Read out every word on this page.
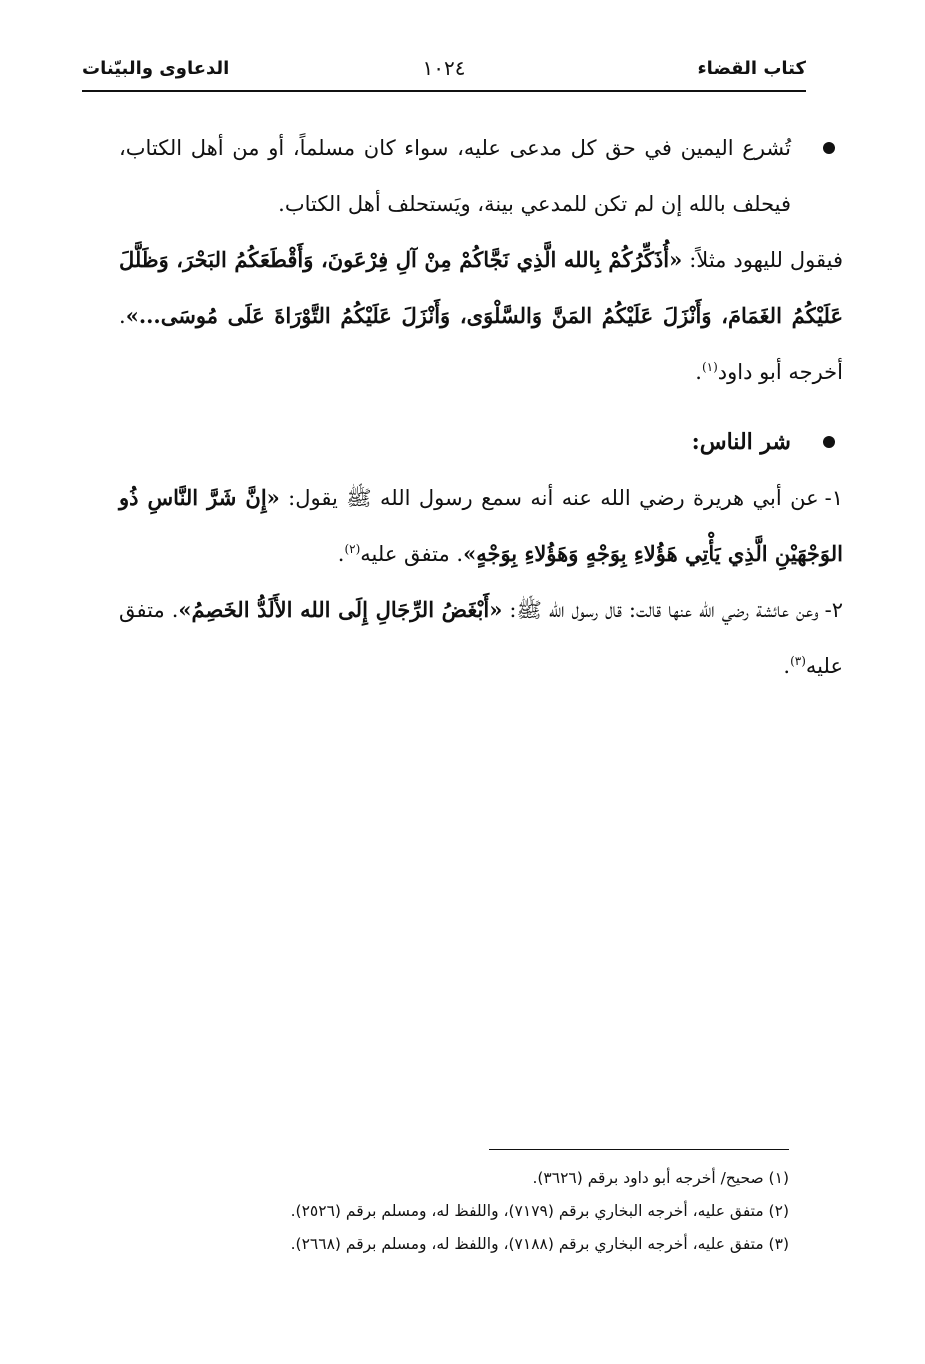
كتاب القضاء
١٠٢٤
الدعاوى والبيّنات

تُشرع اليمين في حق كل مدعى عليه، سواء كان مسلماً، أو من أهل الكتاب، فيحلف بالله إن لم تكن للمدعي بينة، ويَستحلف أهل الكتاب.

فيقول لليهود مثلاً: «أُذَكِّرُكُمْ بِالله الَّذِي نَجَّاكُمْ مِنْ آلِ فِرْعَونَ، وَأَقْطَعَكُمُ البَحْرَ، وَظَلَّلَ عَلَيْكُمُ الغَمَامَ، وَأَنْزَلَ عَلَيْكُمُ المَنَّ وَالسَّلْوَى، وَأَنْزَلَ عَلَيْكُمُ التَّوْرَاةَ عَلَى مُوسَى...». أخرجه أبو داود$^{(١)}$.

شر الناس:

١-عن أبي هريرة رضي الله عنه أنه سمع رسول الله ﷺ يقول: «إِنَّ شَرَّ النَّاسِ ذُو الوَجْهَيْنِ الَّذِي يَأْتِي هَؤُلاءِ بِوَجْهٍ وَهَؤُلاءِ بِوَجْهٍ». متفق عليه$^{(٢)}$.

٢-وعن عائشة رضي الله عنها قالت: قال رسول الله ﷺ: «أَبْغَضُ الرِّجَالِ إِلَى الله الأَلَدُّ الخَصِمُ». متفق عليه$^{(٣)}$.

(١) صحيح/ أخرجه أبو داود برقم (٣٦٢٦).

(٢) متفق عليه، أخرجه البخاري برقم (٧١٧٩)، واللفظ له، ومسلم برقم (٢٥٢٦).

(٣) متفق عليه، أخرجه البخاري برقم (٧١٨٨)، واللفظ له، ومسلم برقم (٢٦٦٨).
